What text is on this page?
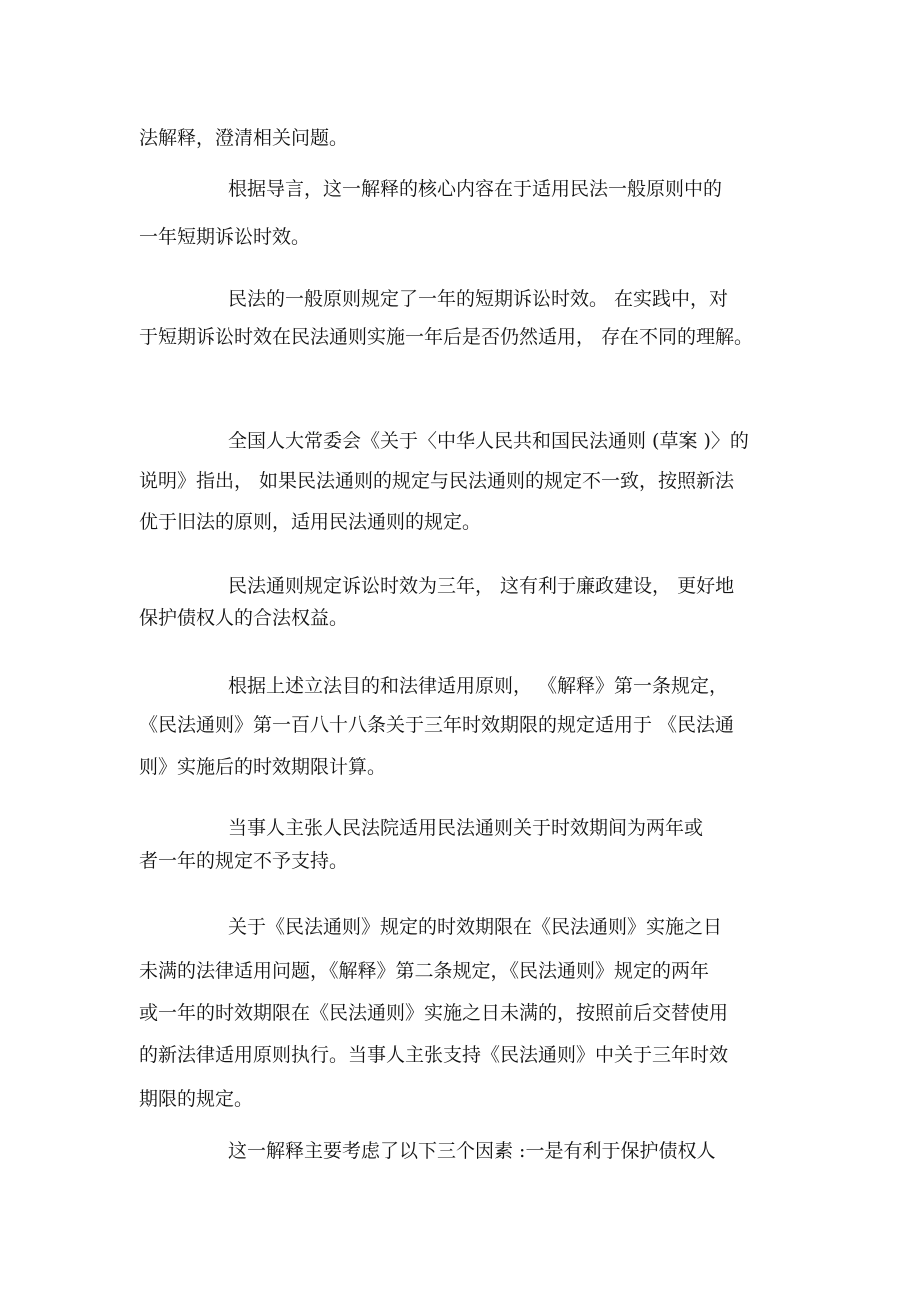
法解释，澄清相关问题。
根据导言，这一解释的核心内容在于适用民法一般原则中的
一年短期诉讼时效。
民法的一般原则规定了一年的短期诉讼时效。 在实践中，对
于短期诉讼时效在民法通则实施一年后是否仍然适用， 存在不同的理解。
全国人大常委会《关于〈中华人民共和国民法通则 (草案 )〉的
说明》指出， 如果民法通则的规定与民法通则的规定不一致，按照新法
优于旧法的原则，适用民法通则的规定。
民法通则规定诉讼时效为三年， 这有利于廉政建设， 更好地
保护债权人的合法权益。
根据上述立法目的和法律适用原则， 《解释》第一条规定，
《民法通则》第一百八十八条关于三年时效期限的规定适用于 《民法通
则》实施后的时效期限计算。
当事人主张人民法院适用民法通则关于时效期间为两年或
者一年的规定不予支持。
关于《民法通则》规定的时效期限在《民法通则》实施之日
未满的法律适用问题，《解释》第二条规定，《民法通则》规定的两年
或一年的时效期限在《民法通则》实施之日未满的，按照前后交替使用
的新法律适用原则执行。当事人主张支持《民法通则》中关于三年时效
期限的规定。
这一解释主要考虑了以下三个因素 :一是有利于保护债权人
